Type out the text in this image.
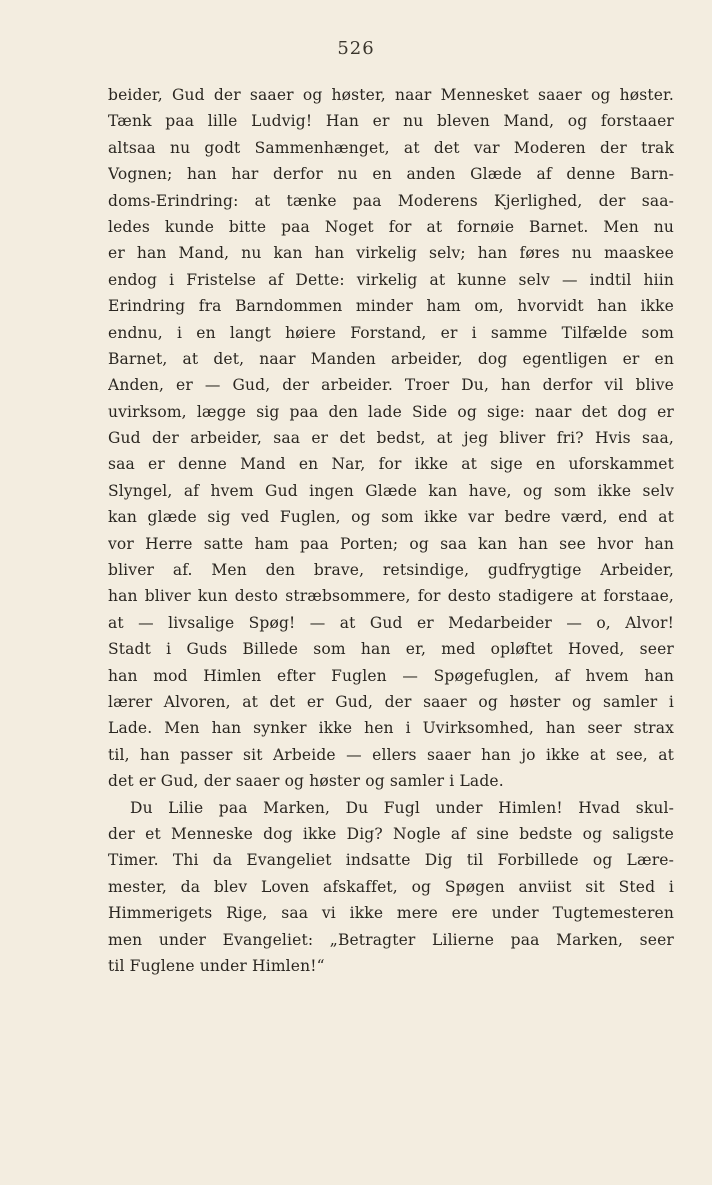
526
beider, Gud der saaer og høster, naar Mennesket saaer og høster.
Tænk paa lille Ludvig! Han er nu bleven Mand, og forstaaer
altsaa nu godt Sammenhænget, at det var Moderen der trak
Vognen; han har derfor nu en anden Glæde af denne Barn-
doms-Erindring: at tænke paa Moderens Kjerlighed, der saa-
ledes kunde bitte paa Noget for at fornøie Barnet. Men nu
er han Mand, nu kan han virkelig selv; han føres nu maaskee
endog i Fristelse af Dette: virkelig at kunne selv — indtil hiin
Erindring fra Barndommen minder ham om, hvorvidt han ikke
endnu, i en langt høiere Forstand, er i samme Tilfælde som
Barnet, at det, naar Manden arbeider, dog egentligen er en
Anden, er — Gud, der arbeider. Troer Du, han derfor vil blive
uvirksom, lægge sig paa den lade Side og sige: naar det dog er
Gud der arbeider, saa er det bedst, at jeg bliver fri? Hvis saa,
saa er denne Mand en Nar, for ikke at sige en uforskammet
Slyngel, af hvem Gud ingen Glæde kan have, og som ikke selv
kan glæde sig ved Fuglen, og som ikke var bedre værd, end at
vor Herre satte ham paa Porten; og saa kan han see hvor han
bliver af. Men den brave, retsindige, gudfrygtige Arbeider,
han bliver kun desto stræbsommere, for desto stadigere at forstaae,
at — livsalige Spøg! — at Gud er Medarbeider — o, Alvor!
Stadt i Guds Billede som han er, med opløftet Hoved, seer
han mod Himlen efter Fuglen — Spøgefuglen, af hvem han
lærer Alvoren, at det er Gud, der saaer og høster og samler i
Lade. Men han synker ikke hen i Uvirksomhed, han seer strax
til, han passer sit Arbeide — ellers saaer han jo ikke at see, at
det er Gud, der saaer og høster og samler i Lade.
Du Lilie paa Marken, Du Fugl under Himlen! Hvad skul-
der et Menneske dog ikke Dig? Nogle af sine bedste og saligste
Timer. Thi da Evangeliet indsatte Dig til Forbillede og Lære-
mester, da blev Loven afskaffet, og Spøgen anviist sit Sted i
Himmerigets Rige, saa vi ikke mere ere under Tugtemesteren
men under Evangeliet: „Betragter Lilierne paa Marken, seer
til Fuglene under Himlen!“
